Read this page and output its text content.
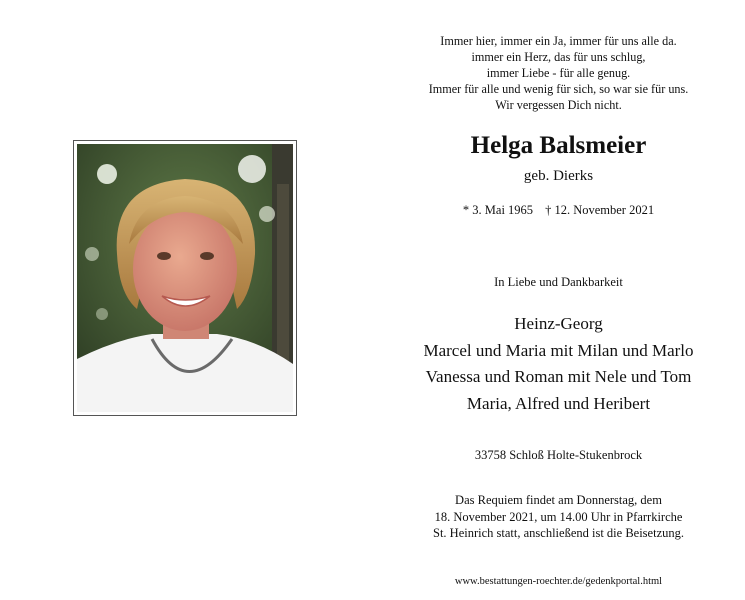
Immer hier, immer ein Ja, immer für uns alle da.
immer ein Herz, das für uns schlug,
immer Liebe - für alle genug.
Immer für alle und wenig für sich, so war sie für uns.
Wir vergessen Dich nicht.
Helga Balsmeier
geb. Dierks
* 3. Mai 1965 † 12. November 2021
In Liebe und Dankbarkeit
Heinz-Georg
Marcel und Maria mit Milan und Marlo
Vanessa und Roman mit Nele und Tom
Maria, Alfred und Heribert
33758 Schloß Holte-Stukenbrock
Das Requiem findet am Donnerstag, dem
18. November 2021, um 14.00 Uhr in Pfarrkirche
St. Heinrich statt, anschließend ist die Beisetzung.
www.bestattungen-roechter.de/gedenkportal.html
